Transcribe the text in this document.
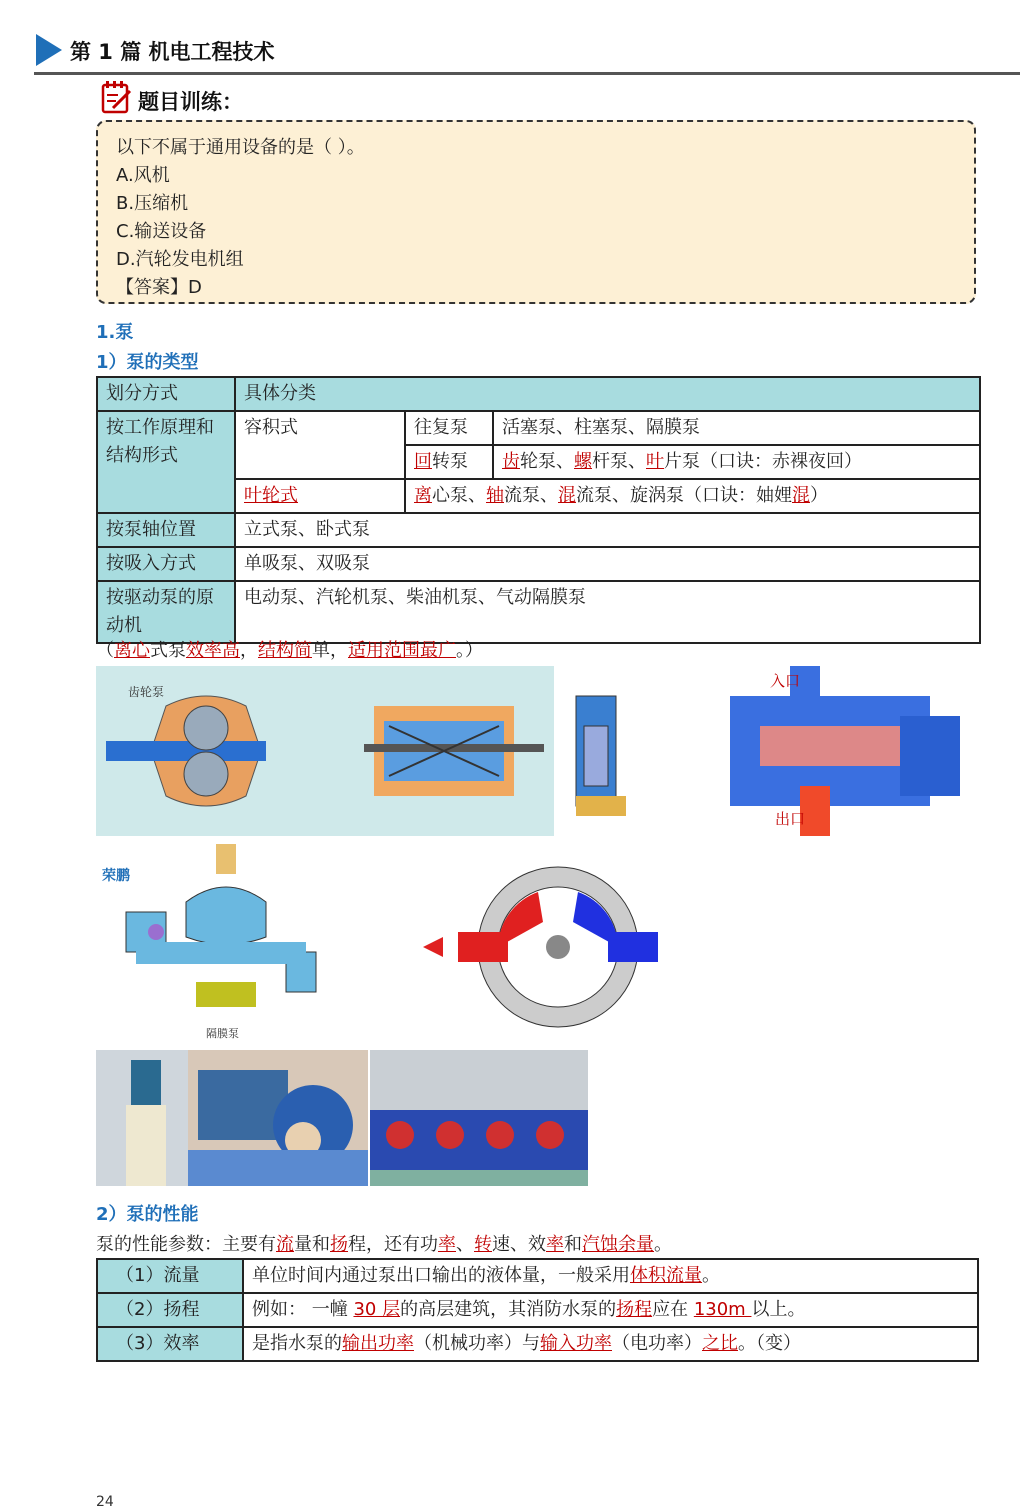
第 1 篇 机电工程技术
题目训练：
以下不属于通用设备的是（ ）。
A.风机
B.压缩机
C.输送设备
D.汽轮发电机组
【答案】D
1.泵
1）泵的类型
划分方式	具体分类		
按工作原理和结构形式	容积式	往复泵	活塞泵、柱塞泵、隔膜泵
		回转泵	齿轮泵、螺杆泵、叶片泵（口诀：赤裸夜回）
	叶轮式	离心泵、轴流泵、混流泵、旋涡泵（口诀：妯娌混）	
按泵轴位置	立式泵、卧式泵		
按吸入方式	单吸泵、双吸泵		
按驱动泵的原动机	电动泵、汽轮机泵、柴油机泵、气动隔膜泵		
（离心式泵效率高，结构简单，适用范围最广。）
齿轮泵
入口
出口
荣鹏
隔膜泵
2）泵的性能
泵的性能参数：主要有流量和扬程，还有功率、转速、效率和汽蚀余量。
（1）流量	单位时间内通过泵出口输出的液体量，一般采用体积流量。
（2）扬程	例如： 一幢 30 层的高层建筑，其消防水泵的扬程应在 130m 以上。
（3）效率	是指水泵的输出功率（机械功率）与输入功率（电功率）之比。（变）
24
